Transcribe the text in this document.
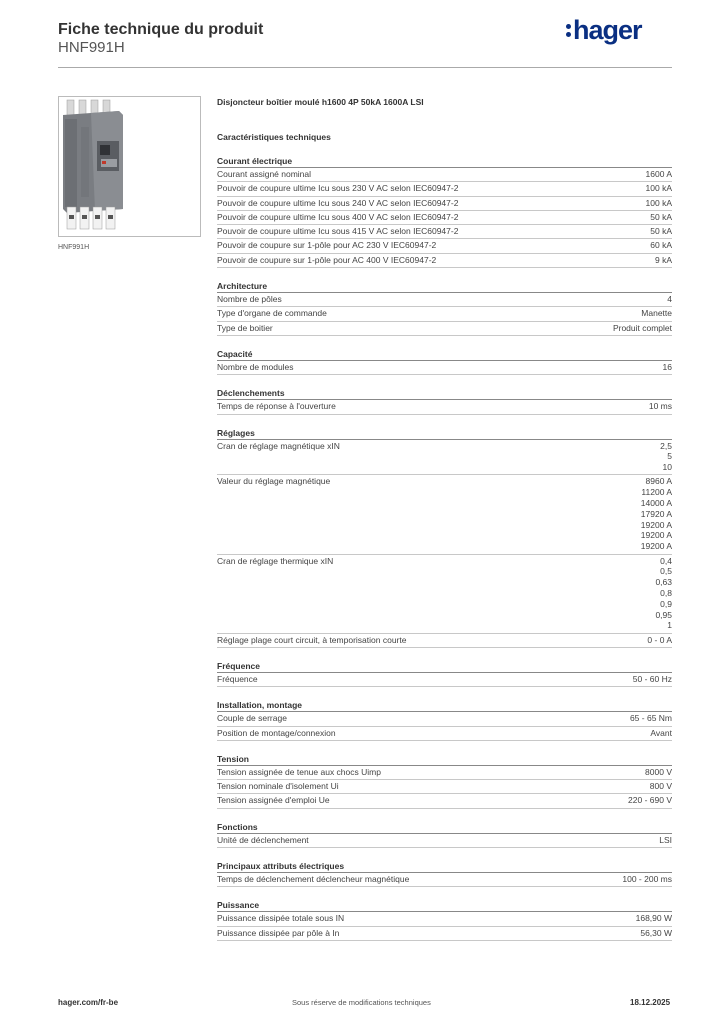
Fiche technique du produit
HNF991H
hager
HNF991H
Disjoncteur boîtier moulé h1600 4P 50kA 1600A LSI
Caractéristiques techniques
Courant électrique
Courant assigné nominal	1600 A
Pouvoir de coupure ultime Icu sous 230 V AC selon IEC60947-2	100 kA
Pouvoir de coupure ultime Icu sous 240 V AC selon IEC60947-2	100 kA
Pouvoir de coupure ultime Icu sous 400 V AC selon IEC60947-2	50 kA
Pouvoir de coupure ultime Icu sous 415 V AC selon IEC60947-2	50 kA
Pouvoir de coupure sur 1-pôle pour AC 230 V IEC60947-2	60 kA
Pouvoir de coupure sur 1-pôle pour AC 400 V IEC60947-2	9 kA
Architecture
Nombre de pôles	4
Type d'organe de commande	Manette
Type de boitier	Produit complet
Capacité
Nombre de modules	16
Déclenchements
Temps de réponse à l'ouverture	10 ms
Réglages
Cran de réglage magnétique xIN	2,5
5
10
Valeur du réglage magnétique	8960 A
11200 A
14000 A
17920 A
19200 A
19200 A
19200 A
Cran de réglage thermique xIN	0,4
0,5
0,63
0,8
0,9
0,95
1
Réglage plage court circuit, à temporisation courte	0 - 0 A
Fréquence
Fréquence	50 - 60 Hz
Installation, montage
Couple de serrage	65 - 65 Nm
Position de montage/connexion	Avant
Tension
Tension assignée de tenue aux chocs Uimp	8000 V
Tension nominale d'isolement Ui	800 V
Tension assignée d'emploi Ue	220 - 690 V
Fonctions
Unité de déclenchement	LSI
Principaux attributs électriques
Temps de déclenchement déclencheur magnétique	100 - 200 ms
Puissance
Puissance dissipée totale sous IN	168,90 W
Puissance dissipée par pôle à In	56,30 W
hager.com/fr-be	Sous réserve de modifications techniques	18.12.2025
